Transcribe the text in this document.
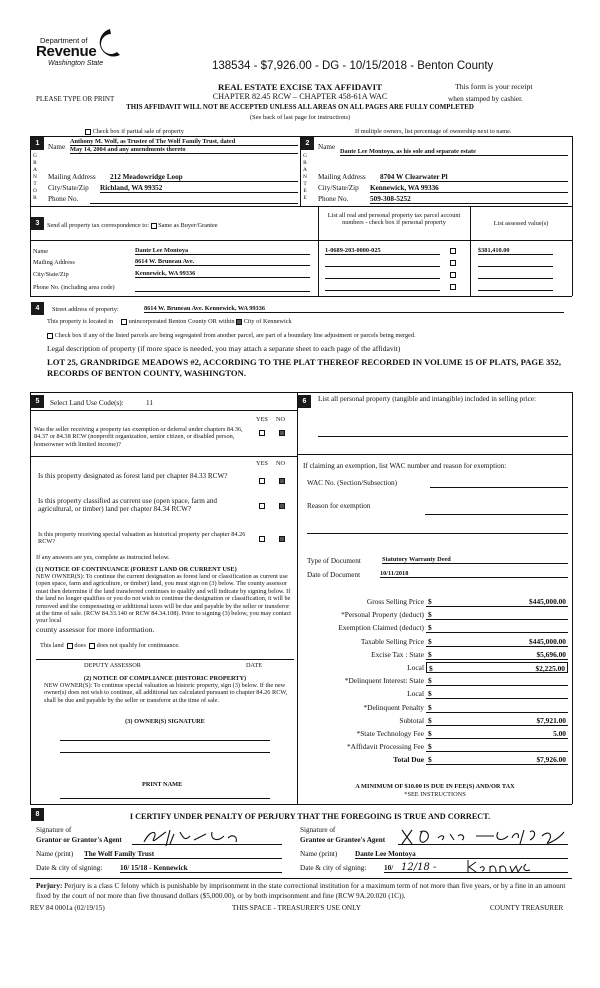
Department of
Revenue
Washington State	138534 - $7,926.00 - DG - 10/15/2018 - Benton County
REAL ESTATE EXCISE TAX AFFIDAVIT
CHAPTER 82.45 RCW – CHAPTER 458-61A WAC
PLEASE TYPE OR PRINT
This form is your receipt
when stamped by cashier.
THIS AFFIDAVIT WILL NOT BE ACCEPTED UNLESS ALL AREAS ON ALL PAGES ARE FULLY COMPLETED
(See back of last page for instructions)
Check box if partial sale of property	If multiple owners, list percentage of ownership next to name.
1
G
R
A
N
T
O
R
Name
Anthony M. Wolf, as Trustee of The Wolf Family Trust, dated
May 14, 2004 and any amendments thereto
Mailing Address 212 Meadowridge Loop
City/State/Zip Richland, WA 99352
Phone No.
2
G
R
A
N
T
E
E
Name
Dante Lee Montoya, as his sole and separate estate
Mailing Address 8704 W Clearwater Pl
City/State/Zip Kennewick, WA 99336
Phone No.	509-308-5252
3	Send all property tax correspondence to: Same as Buyer/Grantee
Name	Dante Lee Montoya
Mailing Address	8614 W. Bruneau Ave.
City/State/Zip	Kennewick, WA 99336
Phone No. (including area code)
List all real and personal property tax parcel account
numbers - check box if personal property	List assessed value(s)
1-0689-203-0000-025	$381,410.00
4	Street address of property:	8614 W. Bruneau Ave. Kennewick, WA 99336
This property is located in unincorporated Benton County OR within City of Kennewick
Check box if any of the listed parcels are being segregated from another parcel, are part of a boundary line adjustment or parcels being merged.
Legal description of property (if more space is needed, you may attach a separate sheet to each page of the affidavit)
LOT 25, GRANDRIDGE MEADOWS #2, ACCORDING TO THE PLAT THEREOF RECORDED IN VOLUME 15 OF PLATS, PAGE 352, RECORDS OF BENTON COUNTY, WASHINGTON.
5	Select Land Use Code(s):	11
YES NO
Was the seller receiving a property tax exemption or deferral under chapters 84.36, 84.37 or 84.38 RCW (nonprofit organization, senior citizen, or disabled person, homeowner with limited income)?
YES NO
Is this property designated as forest land per chapter 84.33 RCW?
Is this property classified as current use (open space, farm and agricultural, or timber) land per chapter 84.34 RCW?
Is this property receiving special valuation as historical property per chapter 84.26 RCW?
If any answers are yes, complete as instructed below.
(1) NOTICE OF CONTINUANCE (FOREST LAND OR CURRENT USE)
NEW OWNER(S): To continue the current designation as forest land or classification as current use (open space, farm and agriculture, or timber) land, you must sign on (3) below. The county assessor must then determine if the land transferred continues to qualify and will indicate by signing below. If the land no longer qualifies or you do not wish to continue the designation or classification, it will be removed and the compensating or additional taxes will be due and payable by the seller or transferor at the time of sale. (RCW 84.33.140 or RCW 84.34.108). Prior to signing (3) below, you may contact your local
county assessor for more information.
This land does does not qualify for continuance.
DEPUTY ASSESSOR	DATE
(2) NOTICE OF COMPLIANCE (HISTORIC PROPERTY)
NEW OWNER(S): To continue special valuation as historic property, sign (3) below. If the new owner(s) does not wish to continue, all additional tax calculated pursuant to chapter 84.26 RCW, shall be due and payable by the seller or transferor at the time of sale.
(3) OWNER(S) SIGNATURE
PRINT NAME
6	List all personal property (tangible and intangible) included in selling price:
If claiming an exemption, list WAC number and reason for exemption:
WAC No. (Section/Subsection)
Reason for exemption
Type of Document	Statutory Warranty Deed
Date of Document	10/11/2018
Gross Selling Price $	$445,000.00
*Personal Property (deduct) $
Exemption Claimed (deduct) $
Taxable Selling Price $	$445,000.00
Excise Tax : State $	$5,696.00
Local $	$2,225.00
*Delinquent Interest: State $
Local $
*Delinquent Penalty $
Subtotal $	$7,921.00
*State Technology Fee $	5.00
*Affidavit Processing Fee $
Total Due $	$7,926.00
A MINIMUM OF $10.00 IS DUE IN FEE(S) AND/OR TAX
*SEE INSTRUCTIONS
8	I CERTIFY UNDER PENALTY OF PERJURY THAT THE FOREGOING IS TRUE AND CORRECT.
Signature of
Grantor or Grantor's Agent
Name (print) The Wolf Family Trust
Date & city of signing: 10/ 15/18 - Kennewick
Signature of
Grantee or Grantee's Agent
Name (print) Dante Lee Montoya
Date & city of signing: 10/ 12/18 -
Perjury: Perjury is a class C felony which is punishable by imprisonment in the state correctional institution for a maximum term of not more than five years, or by a fine in an amount fixed by the court of not more than five thousand dollars ($5,000.00), or by both imprisonment and fine (RCW 9A.20.020 (1C)).
REV 84 0001a (02/19/15)	THIS SPACE - TREASURER'S USE ONLY	COUNTY TREASURER
